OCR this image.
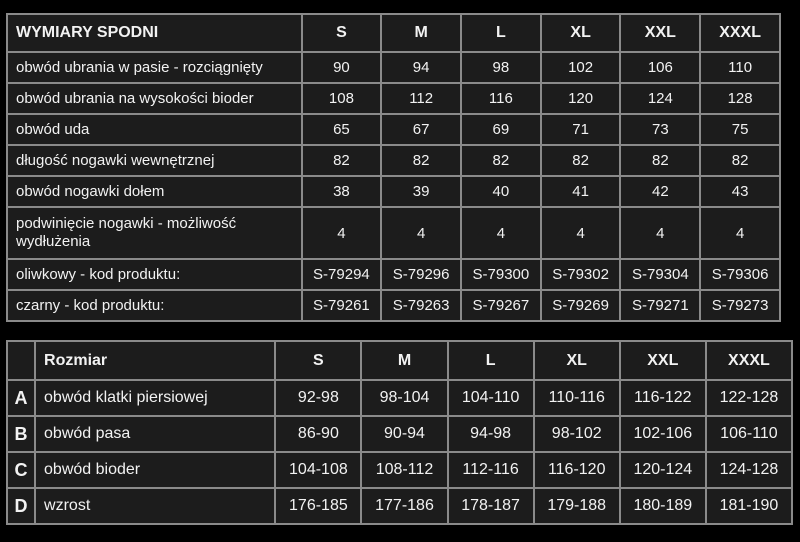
WYMIARY SPODNI	S	M	L	XL	XXL	XXXL
obwód ubrania w pasie - rozciągnięty	90	94	98	102	106	110
obwód ubrania na wysokości bioder	108	112	116	120	124	128
obwód uda	65	67	69	71	73	75
długość nogawki wewnętrznej	82	82	82	82	82	82
obwód nogawki dołem	38	39	40	41	42	43
podwinięcie nogawki - możliwość wydłużenia	4	4	4	4	4	4
oliwkowy - kod produktu:	S-79294	S-79296	S-79300	S-79302	S-79304	S-79306
czarny - kod produktu:	S-79261	S-79263	S-79267	S-79269	S-79271	S-79273
	Rozmiar	S	M	L	XL	XXL	XXXL
A	obwód klatki piersiowej	92-98	98-104	104-110	110-116	116-122	122-128
B	obwód pasa	86-90	90-94	94-98	98-102	102-106	106-110
C	obwód bioder	104-108	108-112	112-116	116-120	120-124	124-128
D	wzrost	176-185	177-186	178-187	179-188	180-189	181-190
